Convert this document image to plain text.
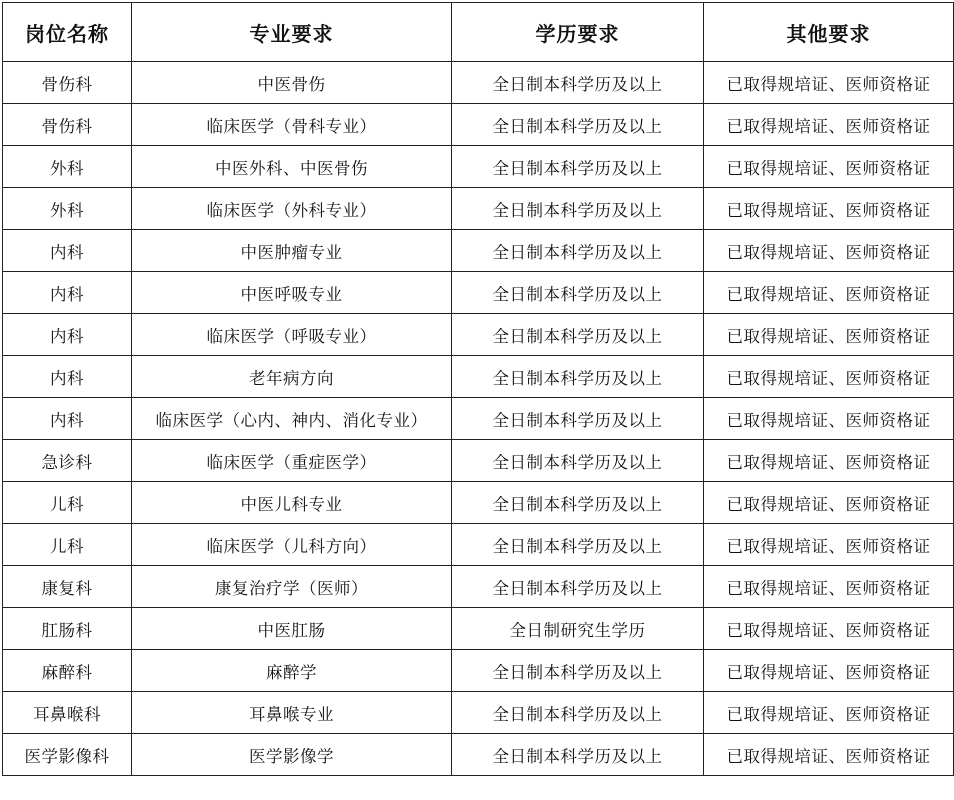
岗位名称	专业要求	学历要求	其他要求
骨伤科	中医骨伤	全日制本科学历及以上	已取得规培证、医师资格证
骨伤科	临床医学（骨科专业）	全日制本科学历及以上	已取得规培证、医师资格证
外科	中医外科、中医骨伤	全日制本科学历及以上	已取得规培证、医师资格证
外科	临床医学（外科专业）	全日制本科学历及以上	已取得规培证、医师资格证
内科	中医肿瘤专业	全日制本科学历及以上	已取得规培证、医师资格证
内科	中医呼吸专业	全日制本科学历及以上	已取得规培证、医师资格证
内科	临床医学（呼吸专业）	全日制本科学历及以上	已取得规培证、医师资格证
内科	老年病方向	全日制本科学历及以上	已取得规培证、医师资格证
内科	临床医学（心内、神内、消化专业）	全日制本科学历及以上	已取得规培证、医师资格证
急诊科	临床医学（重症医学）	全日制本科学历及以上	已取得规培证、医师资格证
儿科	中医儿科专业	全日制本科学历及以上	已取得规培证、医师资格证
儿科	临床医学（儿科方向）	全日制本科学历及以上	已取得规培证、医师资格证
康复科	康复治疗学（医师）	全日制本科学历及以上	已取得规培证、医师资格证
肛肠科	中医肛肠	全日制研究生学历	已取得规培证、医师资格证
麻醉科	麻醉学	全日制本科学历及以上	已取得规培证、医师资格证
耳鼻喉科	耳鼻喉专业	全日制本科学历及以上	已取得规培证、医师资格证
医学影像科	医学影像学	全日制本科学历及以上	已取得规培证、医师资格证
